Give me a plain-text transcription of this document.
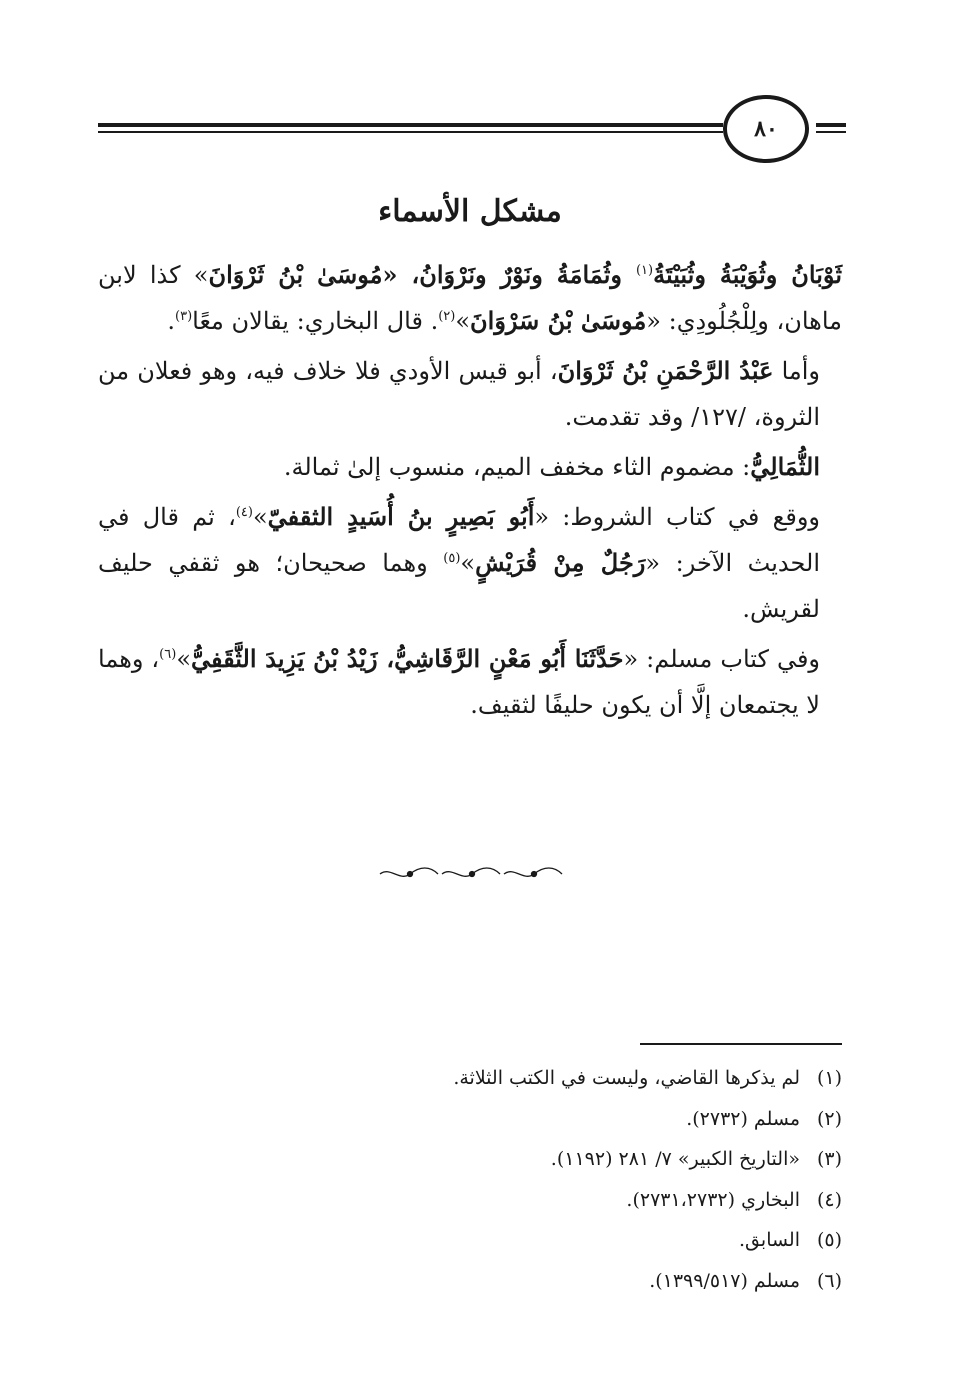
٨٠
مشكل الأسماء

ثَوْبَانُ وثُوَيْبَةُ وثُبَيْتَةُ$^{(١)}$ وثُمَامَةُ ونَوْرٌ ونَرْوَانُ، «مُوسَىٰ بْنُ ثَرْوَانَ» كذا لابن ماهان، ولِلْجُلُودِي: «مُوسَىٰ بْنُ سَرْوَانَ»$^{(٢)}$. قال البخاري: يقالان معًا$^{(٣)}$.

وأما عَبْدُ الرَّحْمَنِ بْنُ ثَرْوَانَ، أبو قيس الأودي فلا خلاف فيه، وهو فعلان من الثروة، /١٢٧/ وقد تقدمت.

الثُّمَالِيُّ: مضموم الثاء مخفف الميم، منسوب إلىٰ ثمالة.

ووقع في كتاب الشروط: «أَبُو بَصِيرٍ بنُ أُسَيدٍ الثقفيّ»$^{(٤)}$، ثم قال في الحديث الآخر: «رَجُلٌ مِنْ قُرَيْشٍ»$^{(٥)}$ وهما صحيحان؛ هو ثقفي حليف لقريش.

وفي كتاب مسلم: «حَدَّثَنَا أَبُو مَعْنٍ الرَّقَاشِيُّ، زَيْدُ بْنُ يَزِيدَ الثَّقَفِيُّ»$^{(٦)}$، وهما لا يجتمعان إلَّا أن يكون حليفًا لثقيف.

(١)لم يذكرها القاضي، وليست في الكتب الثلاثة.
(٢)مسلم (٢٧٣٢).
(٣)«التاريخ الكبير» ٧/ ٢٨١ (١١٩٢).
(٤)البخاري (٢٧٣١،٢٧٣٢).
(٥)السابق.
(٦)مسلم (١٣٩٩/٥١٧).
